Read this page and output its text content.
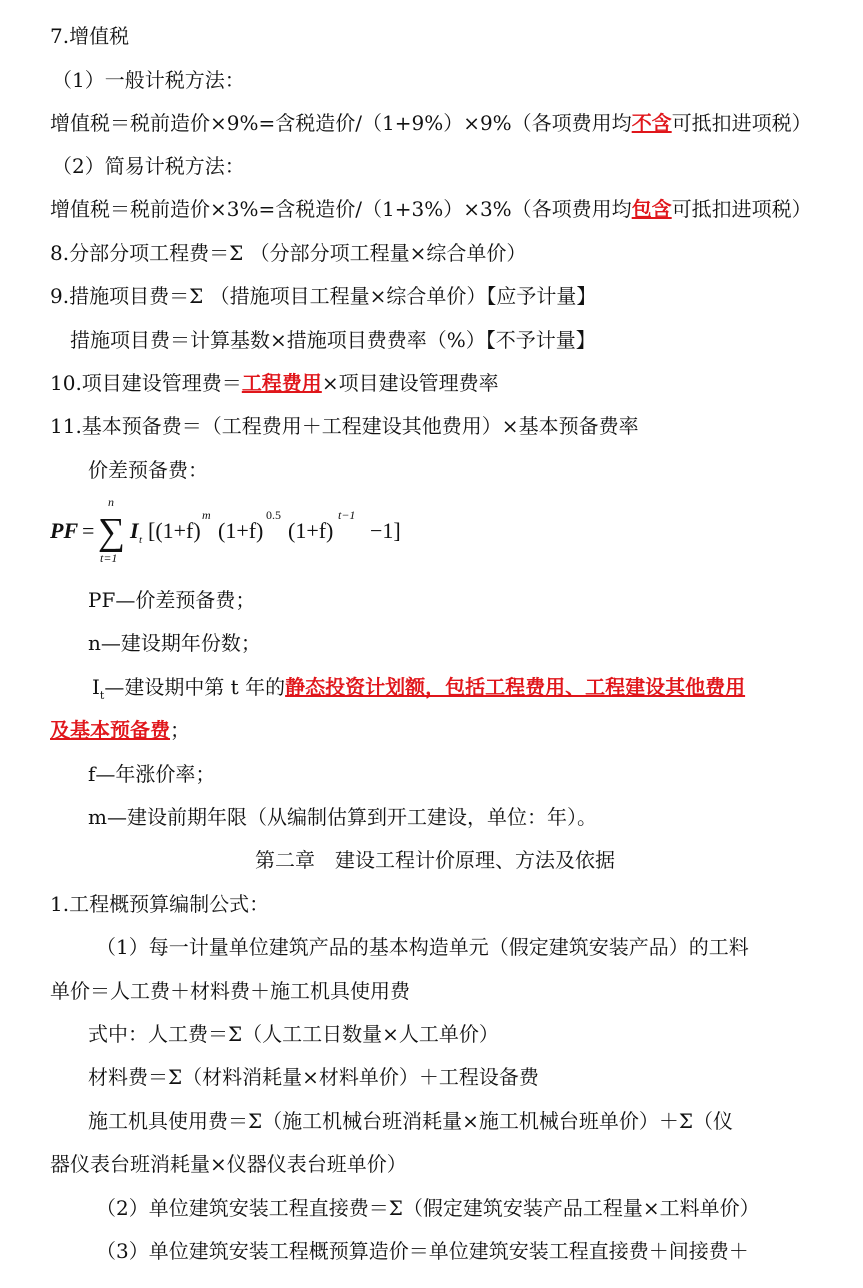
7.增值税
（1）一般计税方法：
增值税＝税前造价×9%=含税造价/（1+9%）×9%（各项费用均不含可抵扣进项税）
（2）简易计税方法：
增值税＝税前造价×3%=含税造价/（1+3%）×3%（各项费用均包含可抵扣进项税）
8.分部分项工程费＝Σ （分部分项工程量×综合单价）
9.措施项目费＝Σ （措施项目工程量×综合单价）【应予计量】
措施项目费＝计算基数×措施项目费费率（%）【不予计量】
10.项目建设管理费＝工程费用×项目建设管理费率
11.基本预备费＝（工程费用＋工程建设其他费用）×基本预备费率
价差预备费：
PF = ∑
n
t=1
I t [(1+f)
m
(1+f)
0.5
(1+f)
t−1
−1]
PF—价差预备费；
n—建设期年份数；
$I_t—$建设期中第 t 年的静态投资计划额，包括工程费用、工程建设其他费用
及基本预备费；
f—年涨价率；
m—建设前期年限（从编制估算到开工建设，单位：年）。
第二章　建设工程计价原理、方法及依据
1.工程概预算编制公式：
（1）每一计量单位建筑产品的基本构造单元（假定建筑安装产品）的工料
单价＝人工费＋材料费＋施工机具使用费
式中：人工费＝Σ（人工工日数量×人工单价）
材料费＝Σ（材料消耗量×材料单价）＋工程设备费
施工机具使用费＝Σ（施工机械台班消耗量×施工机械台班单价）＋Σ（仪
器仪表台班消耗量×仪器仪表台班单价）
（2）单位建筑安装工程直接费＝Σ（假定建筑安装产品工程量×工料单价）
（3）单位建筑安装工程概预算造价＝单位建筑安装工程直接费＋间接费＋
